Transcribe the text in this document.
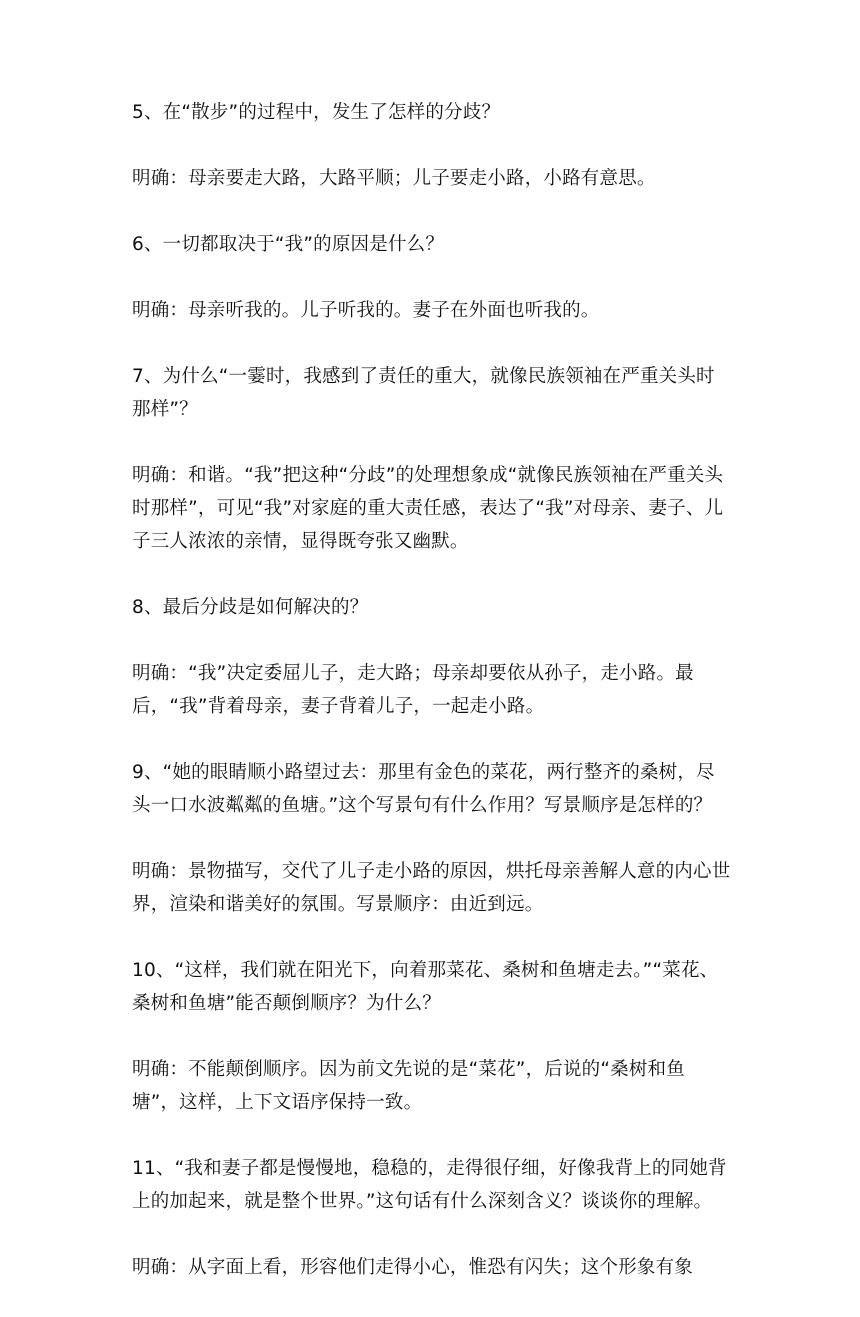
5、在“散步”的过程中，发生了怎样的分歧？

明确：母亲要走大路，大路平顺；儿子要走小路，小路有意思。

6、一切都取决于“我”的原因是什么？

明确：母亲听我的。儿子听我的。妻子在外面也听我的。

7、为什么“一霎时，我感到了责任的重大，就像民族领袖在严重关头时那样”？

明确：和谐。“我”把这种“分歧”的处理想象成“就像民族领袖在严重关头时那样”，可见“我”对家庭的重大责任感，表达了“我”对母亲、妻子、儿子三人浓浓的亲情，显得既夸张又幽默。

8、最后分歧是如何解决的？

明确：“我”决定委屈儿子，走大路；母亲却要依从孙子，走小路。最后，“我”背着母亲，妻子背着儿子，一起走小路。

9、“她的眼睛顺小路望过去：那里有金色的菜花，两行整齐的桑树，尽头一口水波粼粼的鱼塘。”这个写景句有什么作用？写景顺序是怎样的？

明确：景物描写，交代了儿子走小路的原因，烘托母亲善解人意的内心世界，渲染和谐美好的氛围。写景顺序：由近到远。

10、“这样，我们就在阳光下，向着那菜花、桑树和鱼塘走去。”“菜花、桑树和鱼塘”能否颠倒顺序？为什么？

明确：不能颠倒顺序。因为前文先说的是“菜花”，后说的“桑树和鱼塘”，这样，上下文语序保持一致。

11、“我和妻子都是慢慢地，稳稳的，走得很仔细，好像我背上的同她背上的加起来，就是整个世界。”这句话有什么深刻含义？谈谈你的理解。

明确：从字面上看，形容他们走得小心，惟恐有闪失；这个形象有象
